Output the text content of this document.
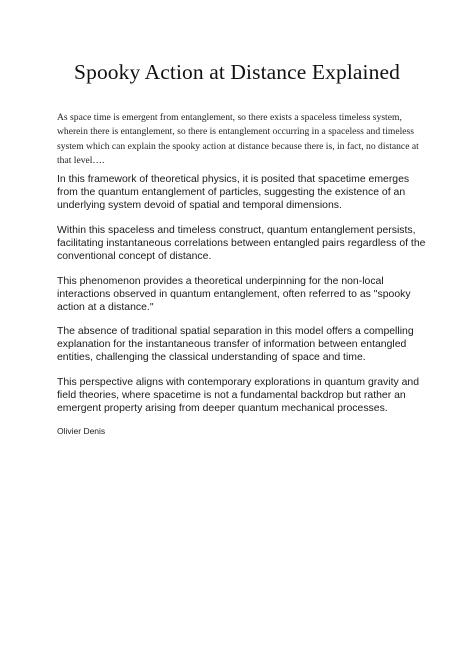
Spooky Action at Distance Explained

As space time is emergent from entanglement, so there exists a spaceless timeless system, wherein there is entanglement, so there is entanglement occurring in a spaceless and timeless system which can explain the spooky action at distance because there is, in fact, no distance at that level….

In this framework of theoretical physics, it is posited that spacetime emerges from the quantum entanglement of particles, suggesting the existence of an underlying system devoid of spatial and temporal dimensions.

Within this spaceless and timeless construct, quantum entanglement persists, facilitating instantaneous correlations between entangled pairs regardless of the conventional concept of distance.

This phenomenon provides a theoretical underpinning for the non-local interactions observed in quantum entanglement, often referred to as "spooky action at a distance."

The absence of traditional spatial separation in this model offers a compelling explanation for the instantaneous transfer of information between entangled entities, challenging the classical understanding of space and time.

This perspective aligns with contemporary explorations in quantum gravity and field theories, where spacetime is not a fundamental backdrop but rather an emergent property arising from deeper quantum mechanical processes.

Olivier Denis
